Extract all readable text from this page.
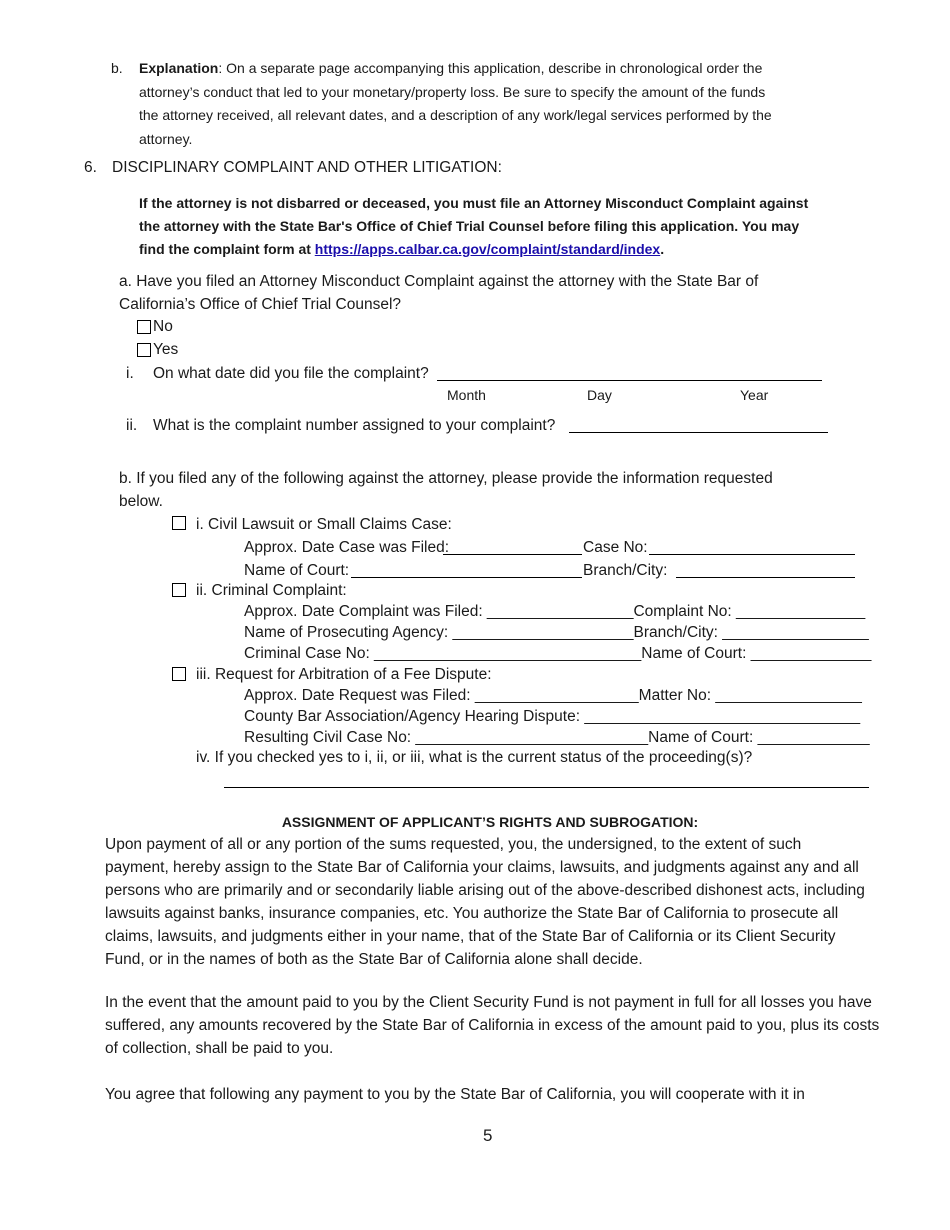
b. Explanation: On a separate page accompanying this application, describe in chronological order the
attorney’s conduct that led to your monetary/property loss. Be sure to specify the amount of the funds
the attorney received, all relevant dates, and a description of any work/legal services performed by the
attorney.
6. DISCIPLINARY COMPLAINT AND OTHER LITIGATION:
If the attorney is not disbarred or deceased, you must file an Attorney Misconduct Complaint against
the attorney with the State Bar's Office of Chief Trial Counsel before filing this application. You may
find the complaint form at https://apps.calbar.ca.gov/complaint/standard/index.
a. Have you filed an Attorney Misconduct Complaint against the attorney with the State Bar of
California’s Office of Chief Trial Counsel?
No
Yes
i. On what date did you file the complaint?
Month	Day	Year
ii. What is the complaint number assigned to your complaint?
b. If you filed any of the following against the attorney, please provide the information requested
below.
i. Civil Lawsuit or Small Claims Case:
Approx. Date Case was Filed:	Case No:
Name of Court:	Branch/City:
ii. Criminal Complaint:
Approx. Date Complaint was Filed: _________________Complaint No: _______________
Name of Prosecuting Agency: _____________________Branch/City: _________________
Criminal Case No: _______________________________Name of Court: ______________
iii. Request for Arbitration of a Fee Dispute:
Approx. Date Request was Filed: ___________________Matter No: _________________
County Bar Association/Agency Hearing Dispute: ________________________________
Resulting Civil Case No: ___________________________Name of Court: _____________
iv. If you checked yes to i, ii, or iii, what is the current status of the proceeding(s)?
ASSIGNMENT OF APPLICANT’S RIGHTS AND SUBROGATION:
Upon payment of all or any portion of the sums requested, you, the undersigned, to the extent of such
payment, hereby assign to the State Bar of California your claims, lawsuits, and judgments against any and all
persons who are primarily and or secondarily liable arising out of the above-described dishonest acts, including
lawsuits against banks, insurance companies, etc. You authorize the State Bar of California to prosecute all
claims, lawsuits, and judgments either in your name, that of the State Bar of California or its Client Security
Fund, or in the names of both as the State Bar of California alone shall decide.
In the event that the amount paid to you by the Client Security Fund is not payment in full for all losses you have
suffered, any amounts recovered by the State Bar of California in excess of the amount paid to you, plus its costs
of collection, shall be paid to you.
You agree that following any payment to you by the State Bar of California, you will cooperate with it in
5
